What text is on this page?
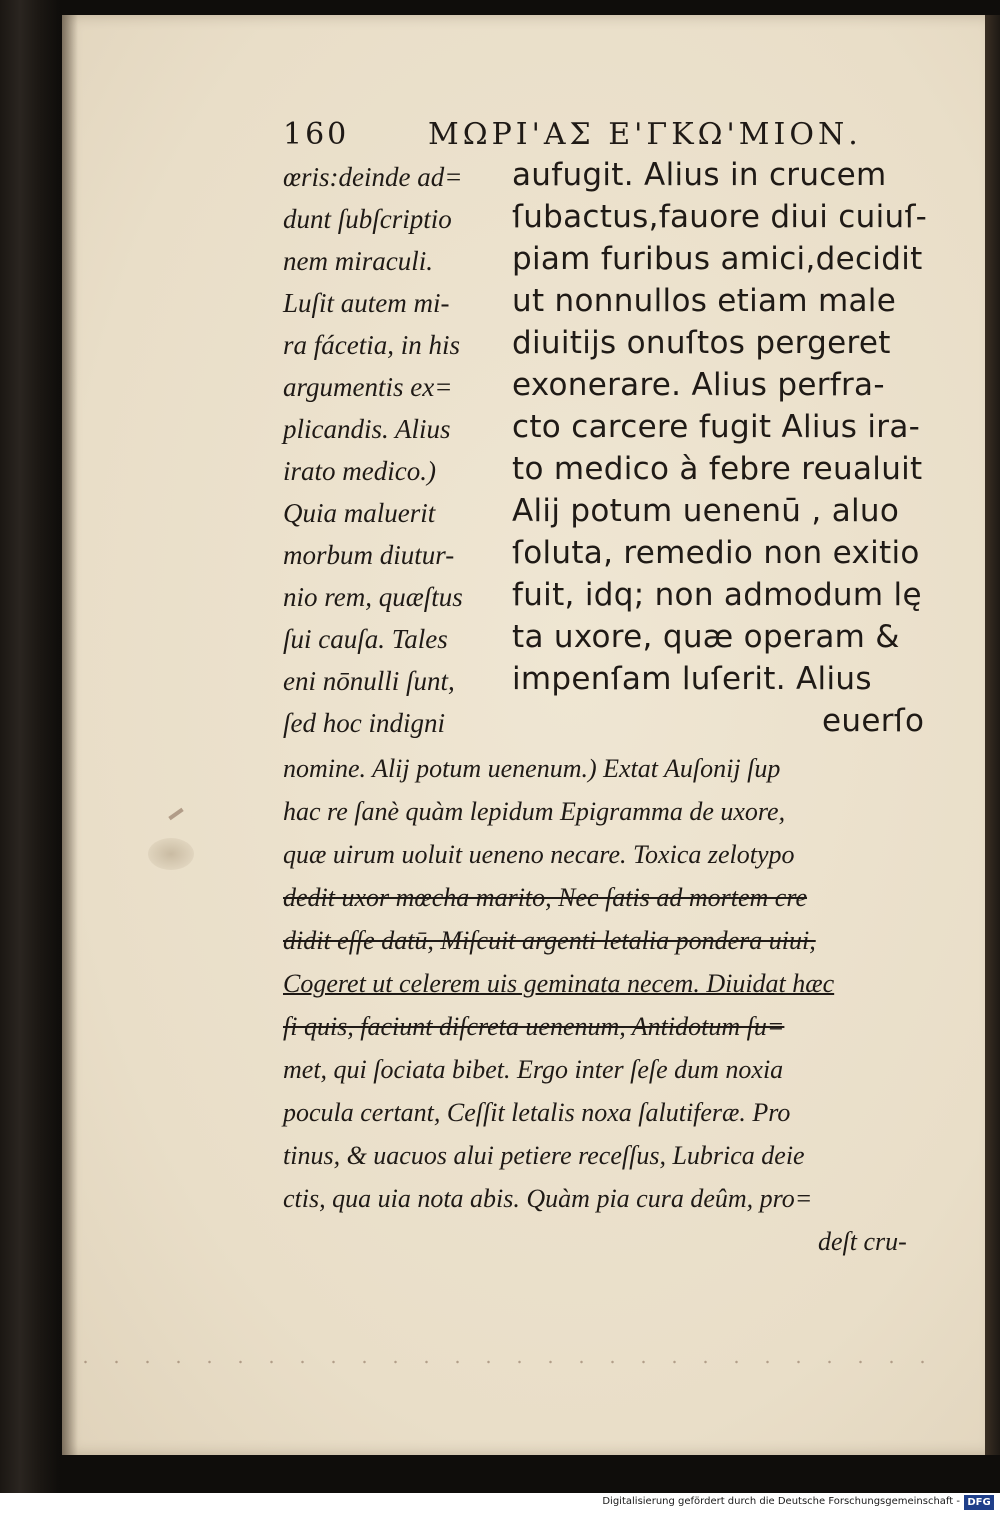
160	ΜΩΡΙ'ΑΣ Ε'ΓΚΩ'ΜΙΟΝ.
œris:deinde ad=
dunt ſubſcriptio
nem miraculi.
Luſit autem mi-
ra fácetia, in his
argumentis ex=
plicandis. Alius
irato medico.)
Quia maluerit
morbum diutur-
nio rem, quæſtus
ſui cauſa. Tales
eni nōnulli ſunt,
ſed hoc indigni
aufugit. Alius in crucem
ſubactus,fauore diui cuiuſ-
piam furibus amici,decidit
ut nonnullos etiam male
diuitijs onuſtos pergeret
exonerare. Alius perfra-
cto carcere fugit Alius ira-
to medico à febre reualuit
Alij potum uenenū , aluo
ſoluta, remedio non exitio
fuit, idq; non admodum lę
ta uxore, quæ operam &
impenſam luſerit. Alius
euerſo
nomine. Alij potum uenenum.) Extat Auſonij ſup
hac re ſanè quàm lepidum Epigramma de uxore,
quæ uirum uoluit ueneno necare. Toxica zelotypo
dedit uxor mœcha marito, Nec ſatis ad mortem cre
didit eſſe datū, Miſcuit argenti letalia pondera uiui,
Cogeret ut celerem uis geminata necem. Diuidat hæc
ſi quis, faciunt diſcreta uenenum, Antidotum ſu=
met, qui ſociata bibet. Ergo inter ſeſe dum noxia
pocula certant, Ceſſit letalis noxa ſalutiferæ. Pro
tinus, & uacuos alui petiere receſſus, Lubrica deie
ctis, qua uia nota abis. Quàm pia cura deûm, pro=
deſt cru-
Digitalisierung gefördert durch die Deutsche Forschungsgemeinschaft - DFG
